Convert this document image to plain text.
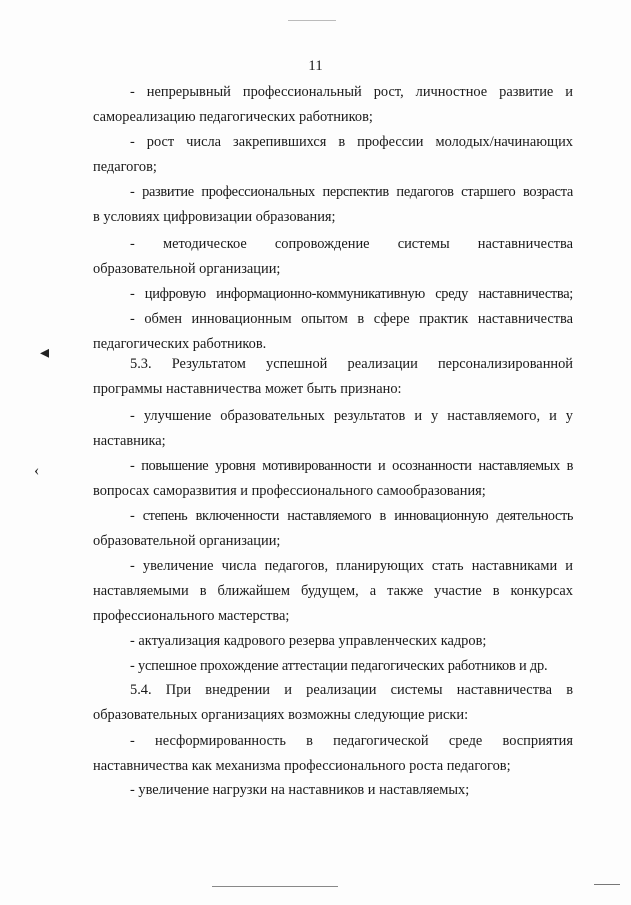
11
- непрерывный профессиональный рост, личностное развитие и
самореализацию педагогических работников;
- рост числа закрепившихся в профессии молодых/начинающих
педагогов;
- развитие профессиональных перспектив педагогов старшего возраста
в условиях цифровизации образования;
- методическое сопровождение системы наставничества
образовательной организации;
- цифровую информационно-коммуникативную среду наставничества;
- обмен инновационным опытом в сфере практик наставничества
педагогических работников.
◂
5.3. Результатом успешной реализации персонализированной
программы наставничества может быть признано:
- улучшение образовательных результатов и у наставляемого, и у
наставника;
‹	- повышение уровня мотивированности и осознанности наставляемых в
вопросах саморазвития и профессионального самообразования;
- степень включенности наставляемого в инновационную деятельность
образовательной организации;
- увеличение числа педагогов, планирующих стать наставниками и
наставляемыми в ближайшем будущем, а также участие в конкурсах
профессионального мастерства;
- актуализация кадрового резерва управленческих кадров;
- успешное прохождение аттестации педагогических работников и др.
5.4. При внедрении и реализации системы наставничества в
образовательных организациях возможны следующие риски:
- несформированность в педагогической среде восприятия
наставничества как механизма профессионального роста педагогов;
- увеличение нагрузки на наставников и наставляемых;
